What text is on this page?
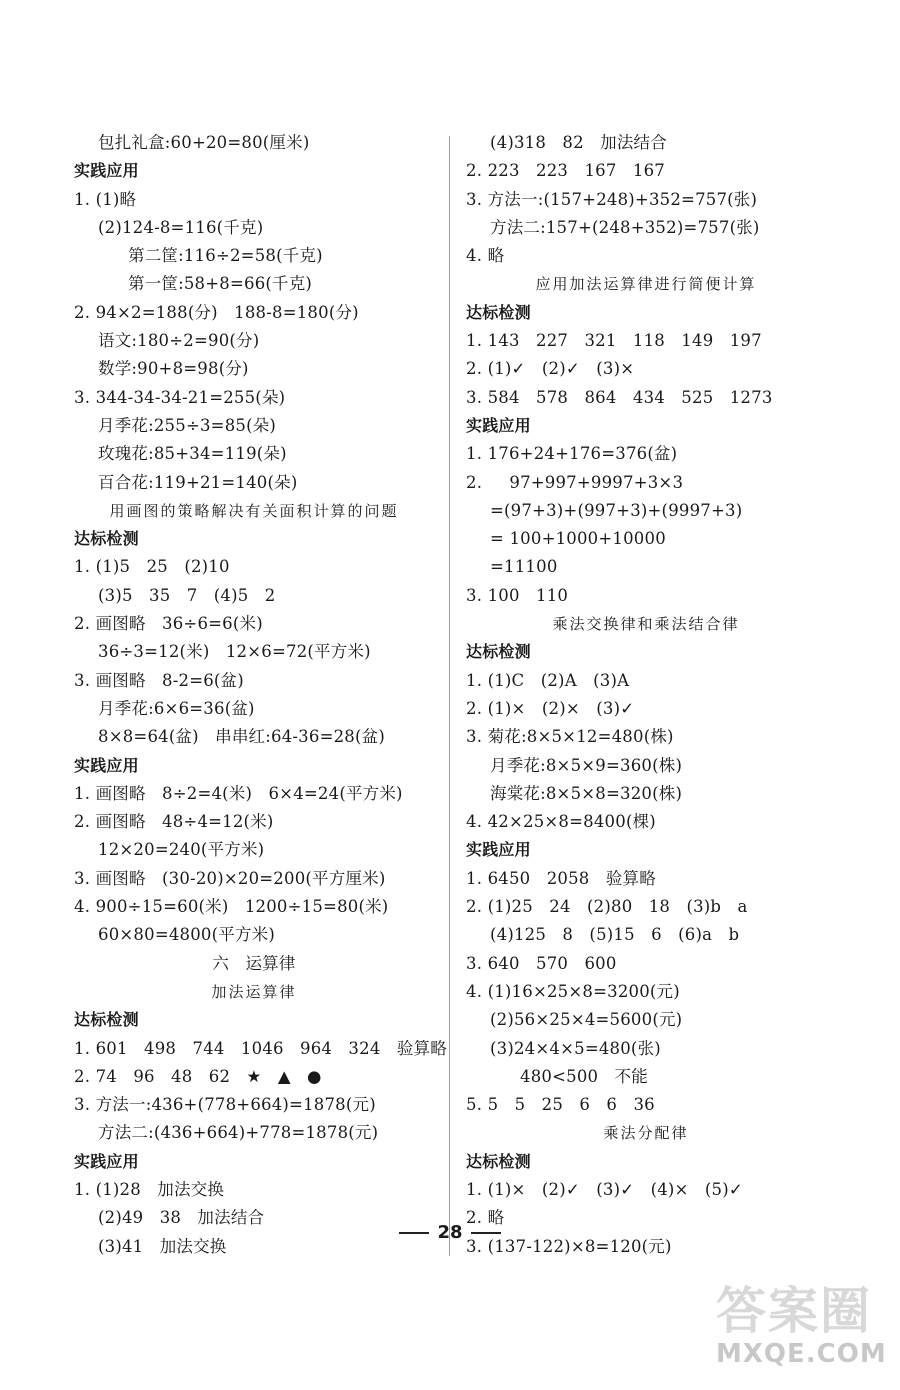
包扎礼盒:60+20=80(厘米)
实践应用
1. (1)略
(2)124-8=116(千克)
第二筐:116÷2=58(千克)
第一筐:58+8=66(千克)
2. 94×2=188(分)   188-8=180(分)
语文:180÷2=90(分)
数学:90+8=98(分)
3. 344-34-34-21=255(朵)
月季花:255÷3=85(朵)
玫瑰花:85+34=119(朵)
百合花:119+21=140(朵)
用画图的策略解决有关面积计算的问题
达标检测
1. (1)5   25   (2)10
(3)5   35   7   (4)5   2
2. 画图略   36÷6=6(米)
36÷3=12(米)   12×6=72(平方米)
3. 画图略   8-2=6(盆)
月季花:6×6=36(盆)
8×8=64(盆)   串串红:64-36=28(盆)
实践应用
1. 画图略   8÷2=4(米)   6×4=24(平方米)
2. 画图略   48÷4=12(米)
12×20=240(平方米)
3. 画图略   (30-20)×20=200(平方厘米)
4. 900÷15=60(米)   1200÷15=80(米)
60×80=4800(平方米)
六   运算律
加法运算律
达标检测
1. 601   498   744   1046   964   324   验算略
2. 74   96   48   62   ★   ▲   ●
3. 方法一:436+(778+664)=1878(元)
方法二:(436+664)+778=1878(元)
实践应用
1. (1)28   加法交换
(2)49   38   加法结合
(3)41   加法交换
(4)318   82   加法结合
2. 223   223   167   167
3. 方法一:(157+248)+352=757(张)
方法二:157+(248+352)=757(张)
4. 略
应用加法运算律进行简便计算
达标检测
1. 143   227   321   118   149   197
2. (1)✓   (2)✓   (3)×
3. 584   578   864   434   525   1273
实践应用
1. 176+24+176=376(盆)
2.     97+997+9997+3×3
=(97+3)+(997+3)+(9997+3)
= 100+1000+10000
=11100
3. 100   110
乘法交换律和乘法结合律
达标检测
1. (1)C   (2)A   (3)A
2. (1)×   (2)×   (3)✓
3. 菊花:8×5×12=480(株)
月季花:8×5×9=360(株)
海棠花:8×5×8=320(株)
4. 42×25×8=8400(棵)
实践应用
1. 6450   2058   验算略
2. (1)25   24   (2)80   18   (3)b   a
(4)125   8   (5)15   6   (6)a   b
3. 640   570   600
4. (1)16×25×8=3200(元)
(2)56×25×4=5600(元)
(3)24×4×5=480(张)
480<500   不能
5. 5   5   25   6   6   36
乘法分配律
达标检测
1. (1)×   (2)✓   (3)✓   (4)×   (5)✓
2. 略
3. (137-122)×8=120(元)
28
答案圈
MXQE.COM
